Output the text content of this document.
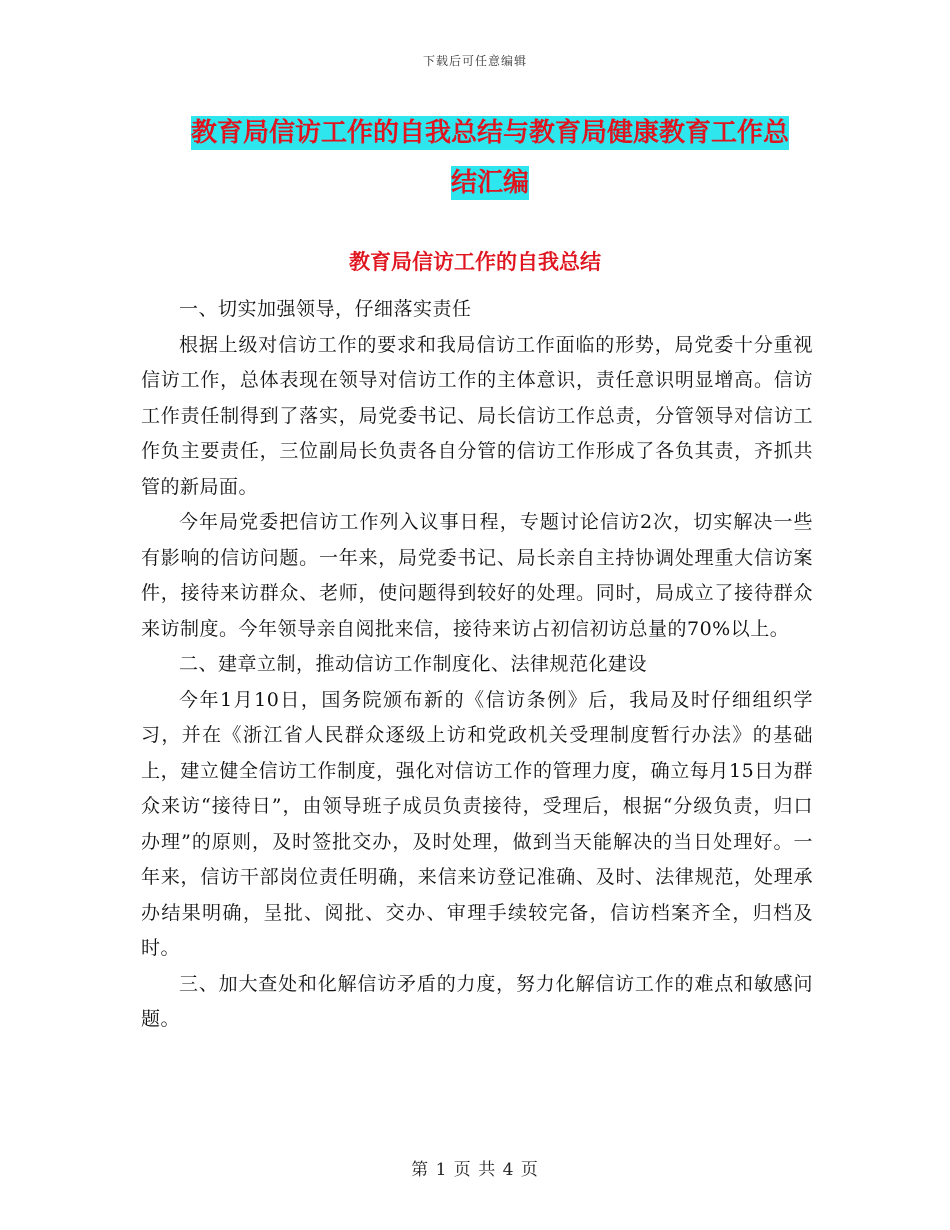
下载后可任意编辑
教育局信访工作的自我总结与教育局健康教育工作总
结汇编
教育局信访工作的自我总结

一、切实加强领导，仔细落实责任

根据上级对信访工作的要求和我局信访工作面临的形势，局党委十分重视信访工作，总体表现在领导对信访工作的主体意识，责任意识明显增高。信访工作责任制得到了落实，局党委书记、局长信访工作总责，分管领导对信访工作负主要责任，三位副局长负责各自分管的信访工作形成了各负其责，齐抓共管的新局面。

今年局党委把信访工作列入议事日程，专题讨论信访2次，切实解决一些有影响的信访问题。一年来，局党委书记、局长亲自主持协调处理重大信访案件，接待来访群众、老师，使问题得到较好的处理。同时，局成立了接待群众来访制度。今年领导亲自阅批来信，接待来访占初信初访总量的70%以上。

二、建章立制，推动信访工作制度化、法律规范化建设

今年1月10日，国务院颁布新的《信访条例》后，我局及时仔细组织学习，并在《浙江省人民群众逐级上访和党政机关受理制度暂行办法》的基础上，建立健全信访工作制度，强化对信访工作的管理力度，确立每月15日为群众来访“接待日”，由领导班子成员负责接待，受理后，根据“分级负责，归口办理”的原则，及时签批交办，及时处理，做到当天能解决的当日处理好。一年来，信访干部岗位责任明确，来信来访登记准确、及时、法律规范，处理承办结果明确，呈批、阅批、交办、审理手续较完备，信访档案齐全，归档及时。

三、加大查处和化解信访矛盾的力度，努力化解信访工作的难点和敏感问题。

第 1 页 共 4 页
